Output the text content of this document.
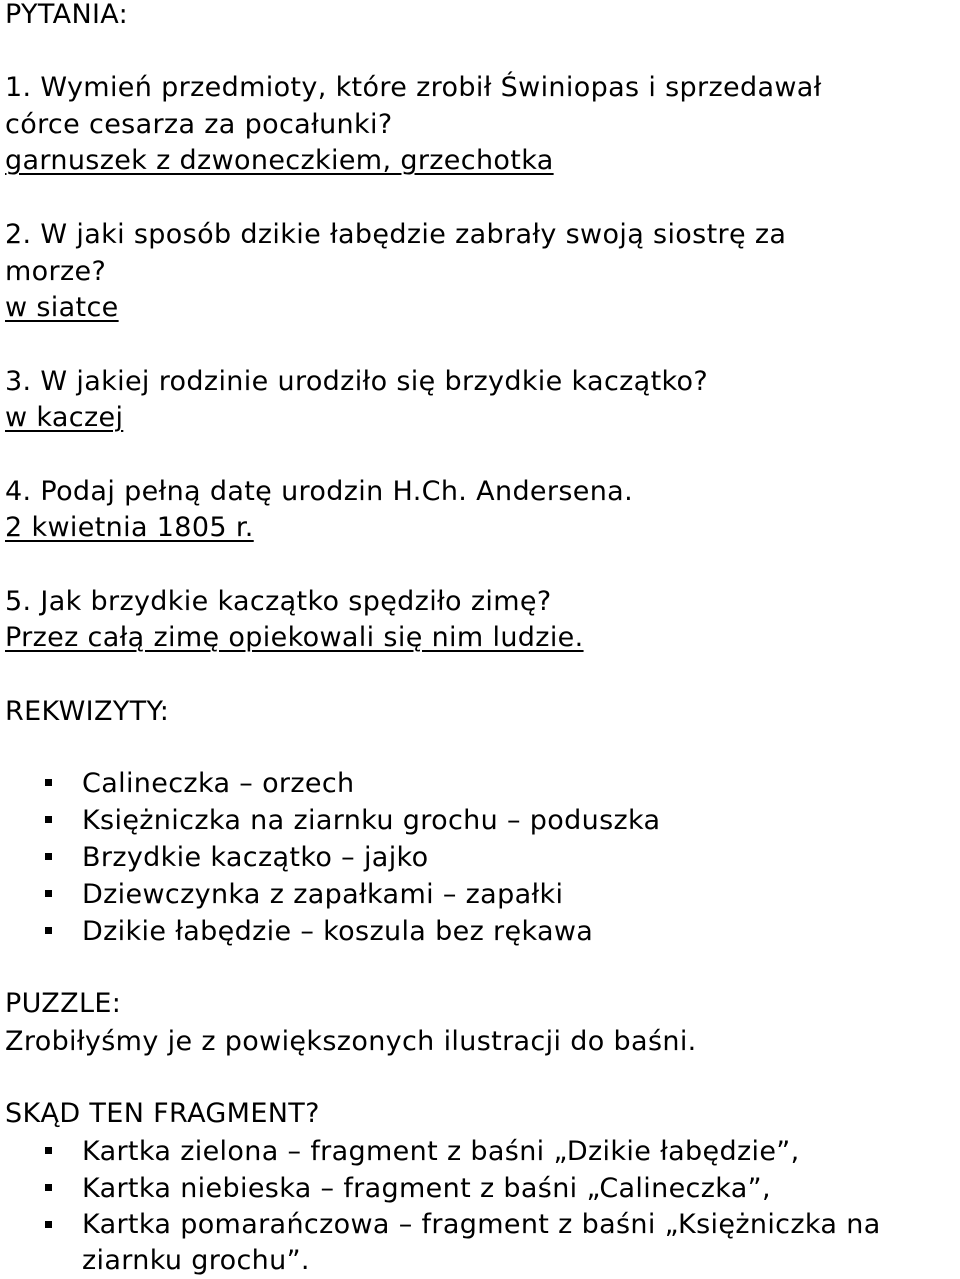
PYTANIA:
1. Wymień przedmioty, które zrobił Świniopas i sprzedawał
córce cesarza za pocałunki?
garnuszek z dzwoneczkiem, grzechotka
2. W jaki sposób dzikie łabędzie zabrały swoją siostrę za
morze?
w siatce
3. W jakiej rodzinie urodziło się brzydkie kaczątko?
w kaczej
4. Podaj pełną datę urodzin H.Ch. Andersena.
2 kwietnia 1805 r.
5. Jak brzydkie kaczątko spędziło zimę?
Przez całą zimę opiekowali się nim ludzie.
REKWIZYTY:
Calineczka – orzech
Księżniczka na ziarnku grochu – poduszka
Brzydkie kaczątko – jajko
Dziewczynka z zapałkami – zapałki
Dzikie łabędzie – koszula bez rękawa
PUZZLE:
Zrobiłyśmy je z powiększonych ilustracji do baśni.
SKĄD TEN FRAGMENT?
Kartka zielona – fragment z baśni „Dzikie łabędzie”,
Kartka niebieska – fragment z baśni „Calineczka”,
Kartka pomarańczowa – fragment z baśni „Księżniczka na
ziarnku grochu”.
